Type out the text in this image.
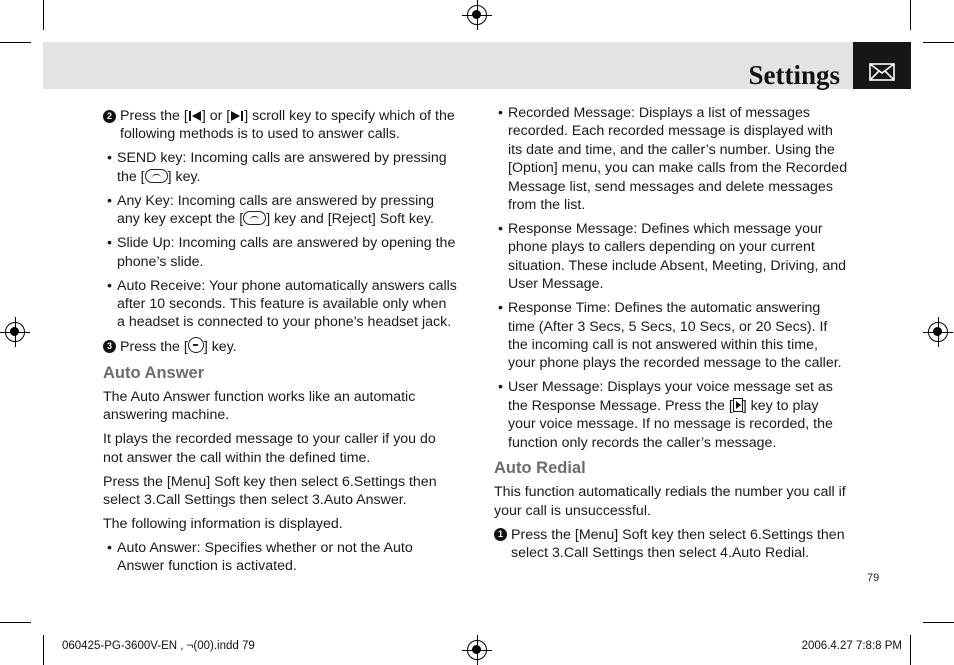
Settings
2 Press the [ ] or [ ] scroll key to specify which of the following methods is to used to answer calls.
• SEND key: Incoming calls are answered by pressing the [ ] key.
• Any Key: Incoming calls are answered by pressing any key except the [ ] key and [Reject] Soft key.
• Slide Up: Incoming calls are answered by opening the phone’s slide.
• Auto Receive: Your phone automatically answers calls after 10 seconds. This feature is available only when a headset is connected to your phone’s headset jack.
3 Press the [ ] key.
Auto Answer

The Auto Answer function works like an automatic answering machine.

It plays the recorded message to your caller if you do not answer the call within the defined time.

Press the [Menu] Soft key then select 6.Settings then select 3.Call Settings then select 3.Auto Answer.

The following information is displayed.

• Auto Answer: Specifies whether or not the Auto Answer function is activated.
• Recorded Message: Displays a list of messages recorded. Each recorded message is displayed with its date and time, and the caller’s number. Using the [Option] menu, you can make calls from the Recorded Message list, send messages and delete messages from the list.
• Response Message: Defines which message your phone plays to callers depending on your current situation. These include Absent, Meeting, Driving, and User Message.
• Response Time: Defines the automatic answering time (After 3 Secs, 5 Secs, 10 Secs, or 20 Secs). If the incoming call is not answered within this time, your phone plays the recorded message to the caller.
• User Message: Displays your voice message set as the Response Message. Press the [ ] key to play your voice message. If no message is recorded, the function only records the caller’s message.
Auto Redial

This function automatically redials the number you call if your call is unsuccessful.

1 Press the [Menu] Soft key then select 6.Settings then select 3.Call Settings then select 4.Auto Redial.
79
060425-PG-3600V-EN , ¬(00).indd 79	2006.4.27 7:8:8 PM
